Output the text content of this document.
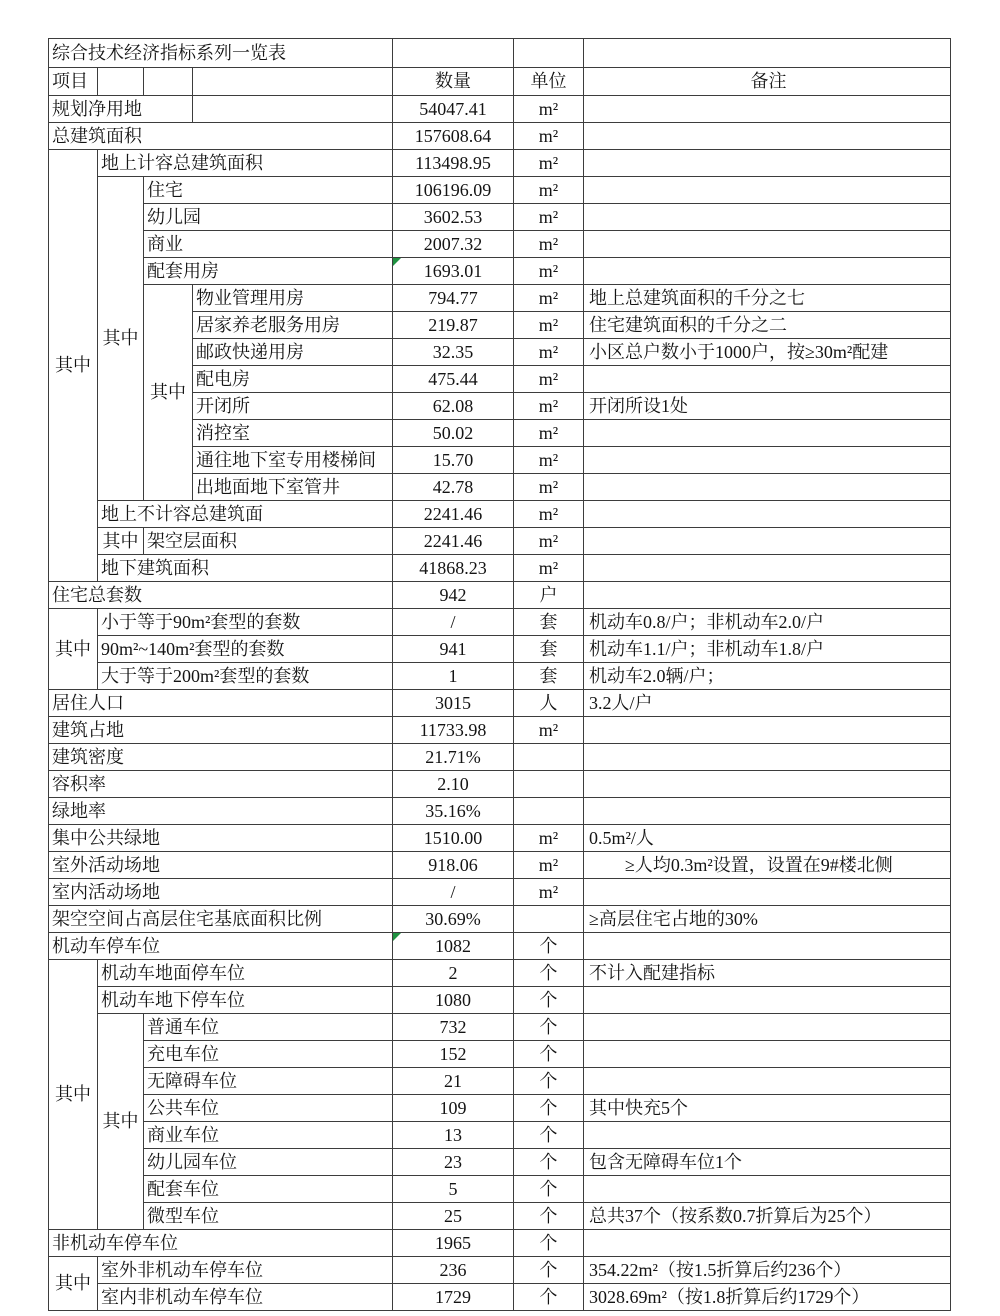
综合技术经济指标系列一览表						
项目				数量	单位	备注
规划净用地				54047.41	m²	
总建筑面积				157608.64	m²	
其中	地上计容总建筑面积			113498.95	m²	
	其中	住宅		106196.09	m²	
		幼儿园		3602.53	m²	
		商业		2007.32	m²	
		配套用房		1693.01	m²	
		其中	物业管理用房	794.77	m²	地上总建筑面积的千分之七
			居家养老服务用房	219.87	m²	住宅建筑面积的千分之二
			邮政快递用房	32.35	m²	小区总户数小于1000户，按≥30m²配建
			配电房	475.44	m²	
			开闭所	62.08	m²	开闭所设1处
			消控室	50.02	m²	
			通往地下室专用楼梯间	15.70	m²	
			出地面地下室管井	42.78	m²	
	地上不计容总建筑面			2241.46	m²	
	其中	架空层面积		2241.46	m²	
	地下建筑面积			41868.23	m²	
住宅总套数				942	户	
其中	小于等于90m²套型的套数			/	套	机动车0.8/户；非机动车2.0/户
	90m²~140m²套型的套数			941	套	机动车1.1/户；非机动车1.8/户
	大于等于200m²套型的套数			1	套	机动车2.0辆/户；
居住人口				3015	人	3.2人/户
建筑占地				11733.98	m²	
建筑密度				21.71%		
容积率				2.10		
绿地率				35.16%		
集中公共绿地				1510.00	m²	0.5m²/人
室外活动场地				918.06	m²	　　≥人均0.3m²设置，设置在9#楼北侧
室内活动场地				/	m²	
架空空间占高层住宅基底面积比例				30.69%		≥高层住宅占地的30%
机动车停车位				1082	个	
其中	机动车地面停车位			2	个	不计入配建指标
	机动车地下停车位			1080	个	
	其中	普通车位		732	个	
		充电车位		152	个	
		无障碍车位		21	个	
		公共车位		109	个	其中快充5个
		商业车位		13	个	
		幼儿园车位		23	个	包含无障碍车位1个
		配套车位		5	个	
		微型车位		25	个	总共37个（按系数0.7折算后为25个）
非机动车停车位				1965	个	
其中	室外非机动车停车位			236	个	354.22m²（按1.5折算后约236个）
	室内非机动车停车位			1729	个	3028.69m²（按1.8折算后约1729个）
